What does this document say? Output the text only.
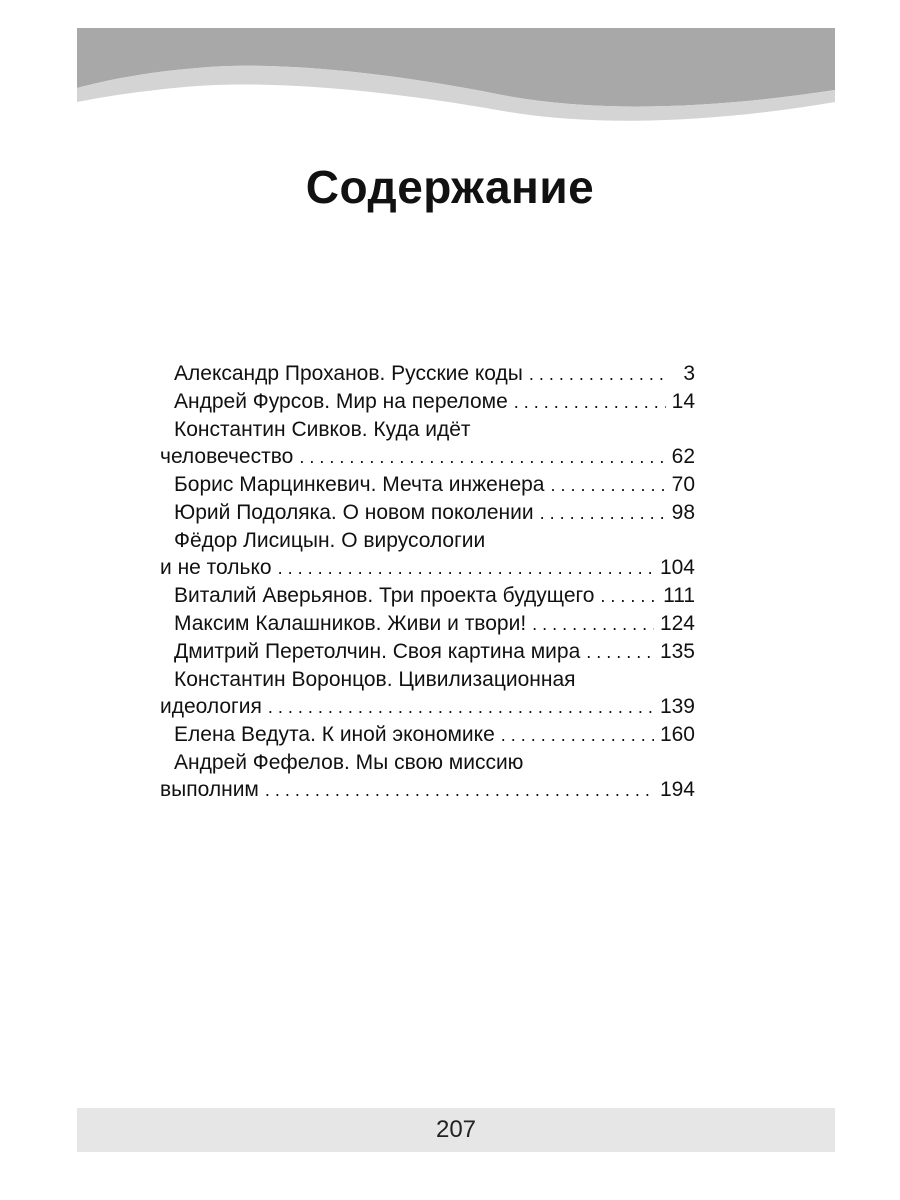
Содержание
Александр Проханов. Русские коды . . .	3
Андрей Фурсов. Мир на переломе . . .	14
Константин Сивков. Куда идёт
человечество . . .	62
Борис Марцинкевич. Мечта инженера . . .	70
Юрий Подоляка. О новом поколении . . .	98
Фёдор Лисицын. О вирусологии
и не только . . .	104
Виталий Аверьянов. Три проекта будущего . . .	111
Максим Калашников. Живи и твори! . . .	124
Дмитрий Перетолчин. Своя картина мира . . .	135
Константин Воронцов. Цивилизационная
идеология . . .	139
Елена Ведута. К иной экономике . . .	160
Андрей Фефелов. Мы свою миссию
выполним . . .	194
207
